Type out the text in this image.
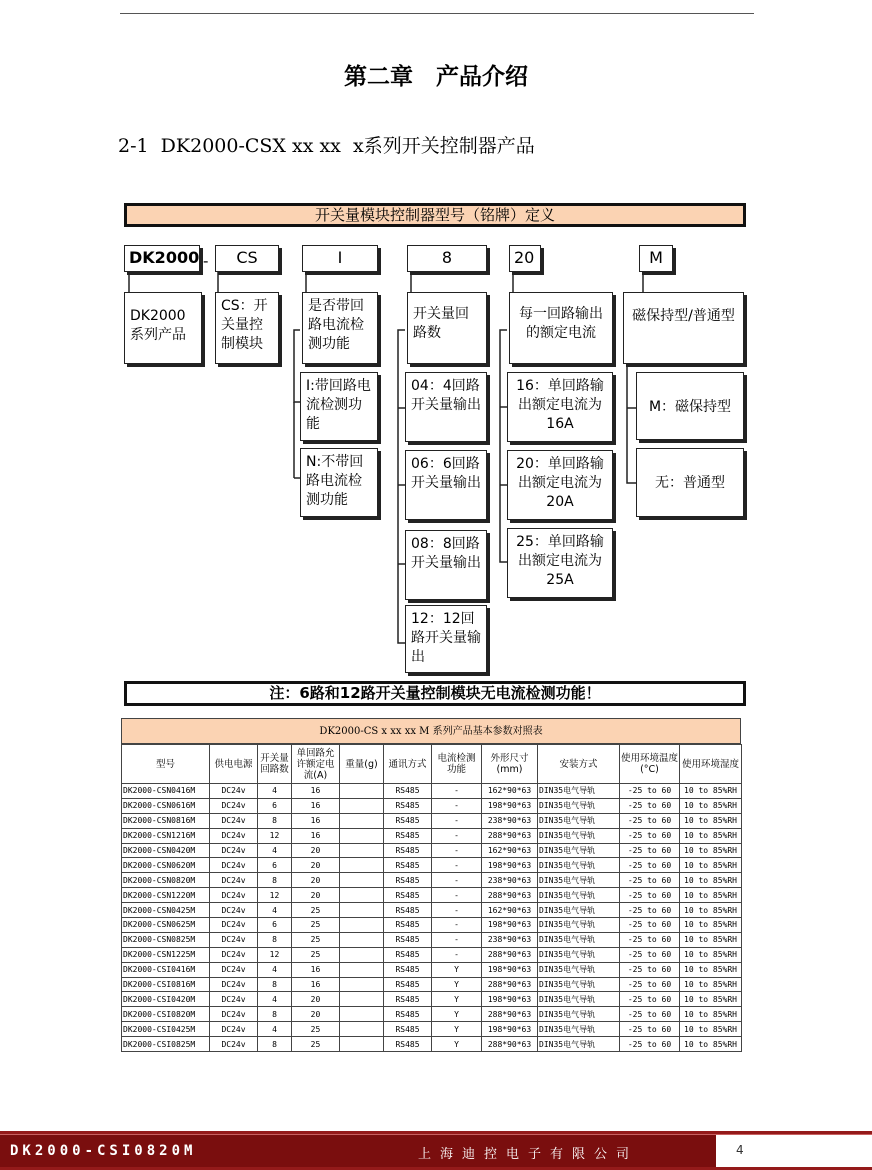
第二章　产品介绍
2-1  DK2000-CSX xx xx  x系列开关控制器产品
开关量模块控制器型号（铭牌）定义
DK2000 -	CS	I	8	20	M
DK2000系列产品
CS：开关量控制模块
是否带回路电流检测功能
开关量回路数
每一回路输出的额定电流
磁保持型/普通型
I:带回路电流检测功能
N:不带回路电流检测功能
04：4回路开关量输出
06：6回路开关量输出
08：8回路开关量输出
12：12回路开关量输出
16：单回路输出额定电流为16A
20：单回路输出额定电流为20A
25：单回路输出额定电流为25A
M：磁保持型
无：普通型
注：6路和12路开关量控制模块无电流检测功能！
DK2000-CS x xx xx M 系列产品基本参数对照表
型号	供电电源	开关量回路数	单回路允许额定电流(A)	重量(g)	通讯方式	电流检测功能	外形尺寸(mm)	安装方式	使用环境温度(°C)	使用环境湿度
DK2000-CSN0416M	DC24v	4	16		RS485	-	162*90*63	DIN35电气导轨	-25 to 60	10 to 85%RH
DK2000-CSN0616M	DC24v	6	16		RS485	-	198*90*63	DIN35电气导轨	-25 to 60	10 to 85%RH
DK2000-CSN0816M	DC24v	8	16		RS485	-	238*90*63	DIN35电气导轨	-25 to 60	10 to 85%RH
DK2000-CSN1216M	DC24v	12	16		RS485	-	288*90*63	DIN35电气导轨	-25 to 60	10 to 85%RH
DK2000-CSN0420M	DC24v	4	20		RS485	-	162*90*63	DIN35电气导轨	-25 to 60	10 to 85%RH
DK2000-CSN0620M	DC24v	6	20		RS485	-	198*90*63	DIN35电气导轨	-25 to 60	10 to 85%RH
DK2000-CSN0820M	DC24v	8	20		RS485	-	238*90*63	DIN35电气导轨	-25 to 60	10 to 85%RH
DK2000-CSN1220M	DC24v	12	20		RS485	-	288*90*63	DIN35电气导轨	-25 to 60	10 to 85%RH
DK2000-CSN0425M	DC24v	4	25		RS485	-	162*90*63	DIN35电气导轨	-25 to 60	10 to 85%RH
DK2000-CSN0625M	DC24v	6	25		RS485	-	198*90*63	DIN35电气导轨	-25 to 60	10 to 85%RH
DK2000-CSN0825M	DC24v	8	25		RS485	-	238*90*63	DIN35电气导轨	-25 to 60	10 to 85%RH
DK2000-CSN1225M	DC24v	12	25		RS485	-	288*90*63	DIN35电气导轨	-25 to 60	10 to 85%RH
DK2000-CSI0416M	DC24v	4	16		RS485	Y	198*90*63	DIN35电气导轨	-25 to 60	10 to 85%RH
DK2000-CSI0816M	DC24v	8	16		RS485	Y	288*90*63	DIN35电气导轨	-25 to 60	10 to 85%RH
DK2000-CSI0420M	DC24v	4	20		RS485	Y	198*90*63	DIN35电气导轨	-25 to 60	10 to 85%RH
DK2000-CSI0820M	DC24v	8	20		RS485	Y	288*90*63	DIN35电气导轨	-25 to 60	10 to 85%RH
DK2000-CSI0425M	DC24v	4	25		RS485	Y	198*90*63	DIN35电气导轨	-25 to 60	10 to 85%RH
DK2000-CSI0825M	DC24v	8	25		RS485	Y	288*90*63	DIN35电气导轨	-25 to 60	10 to 85%RH
DK2000-CSI0820M	上海迪控电子有限公司	4
